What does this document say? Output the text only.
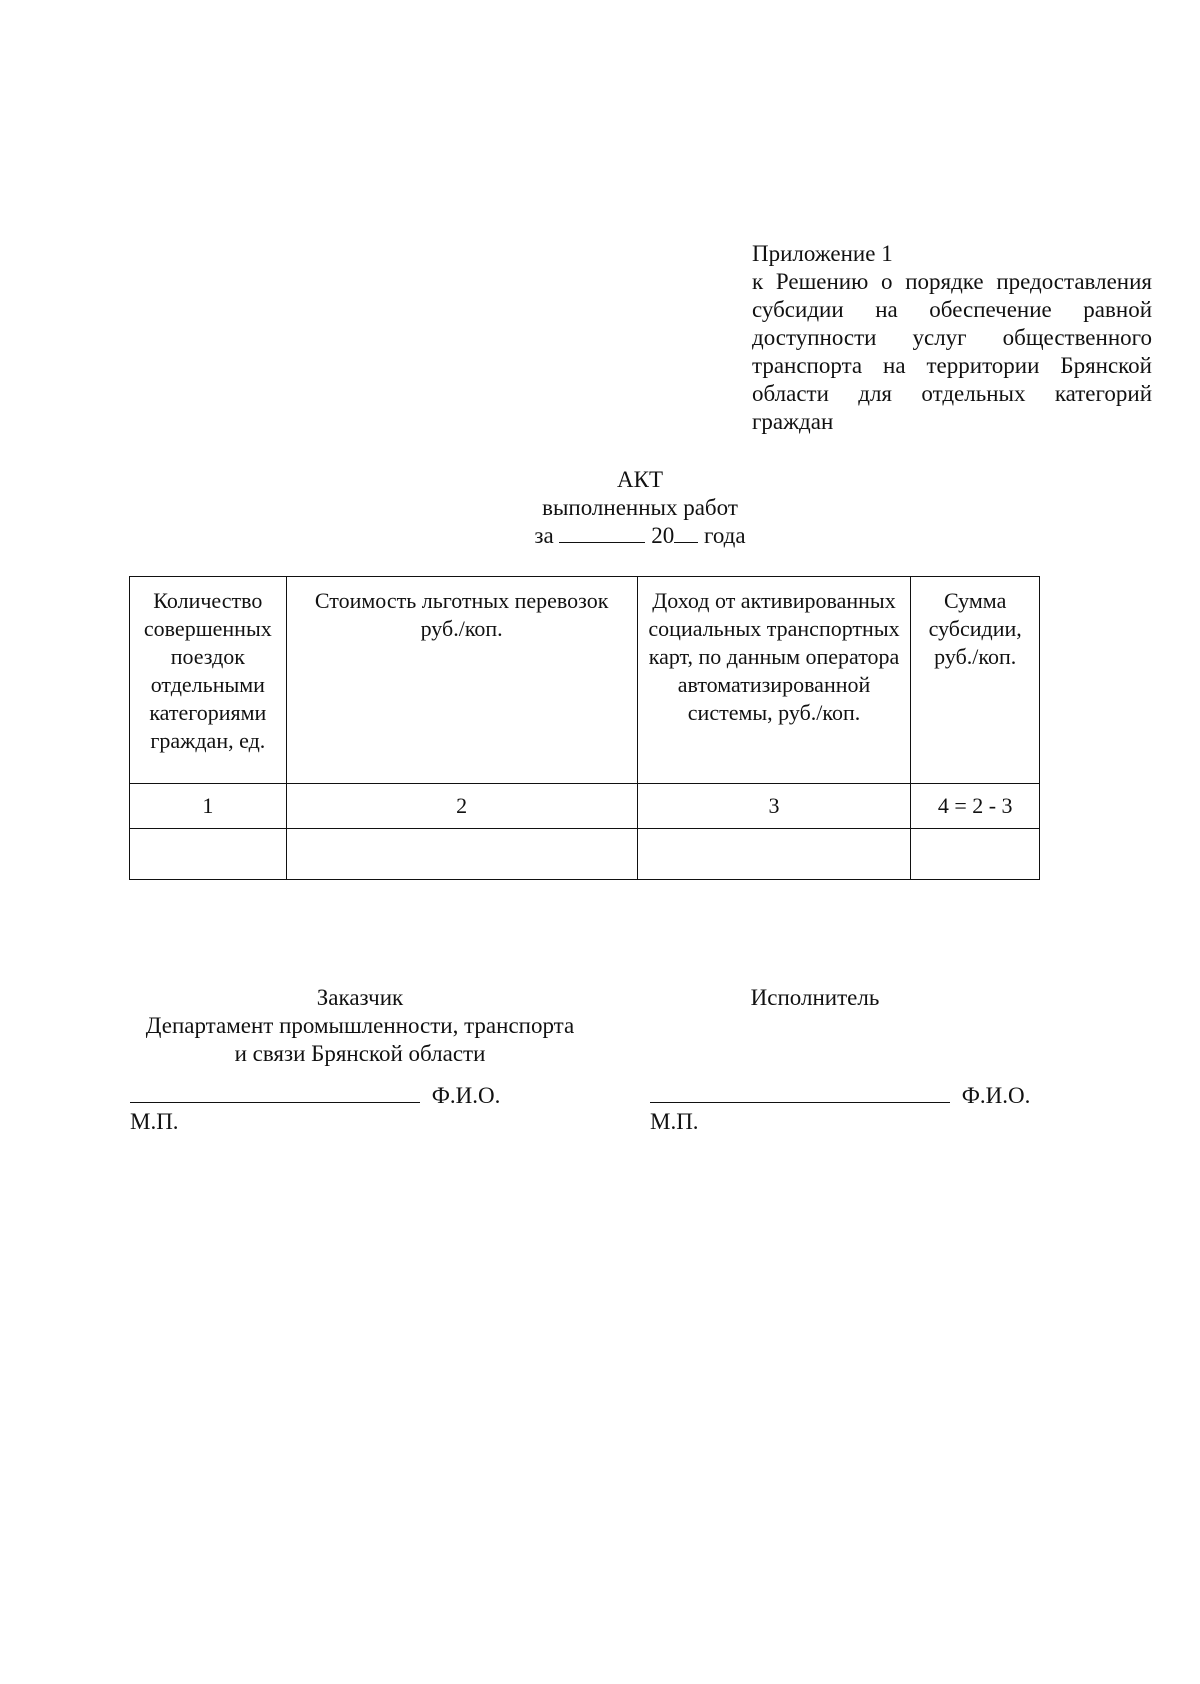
Приложение 1
к Решению о порядке предоставления субсидии на обеспечение равной доступности услуг общественного транспорта на территории Брянской области для отдельных категорий граждан
АКТ
выполненных работ
за	20 года
Количество совершенных поездок отдельными категориями граждан, ед.	Стоимость льготных перевозок руб./коп.	Доход от активированных социальных транспортных карт, по данным оператора автоматизированной системы, руб./коп.	Сумма субсидии, руб./коп.
1	2	3	4 = 2 - 3

Заказчик
Департамент промышленности, транспорта
и связи Брянской области
Исполнитель
Ф.И.О.
М.П.
Ф.И.О.
М.П.
